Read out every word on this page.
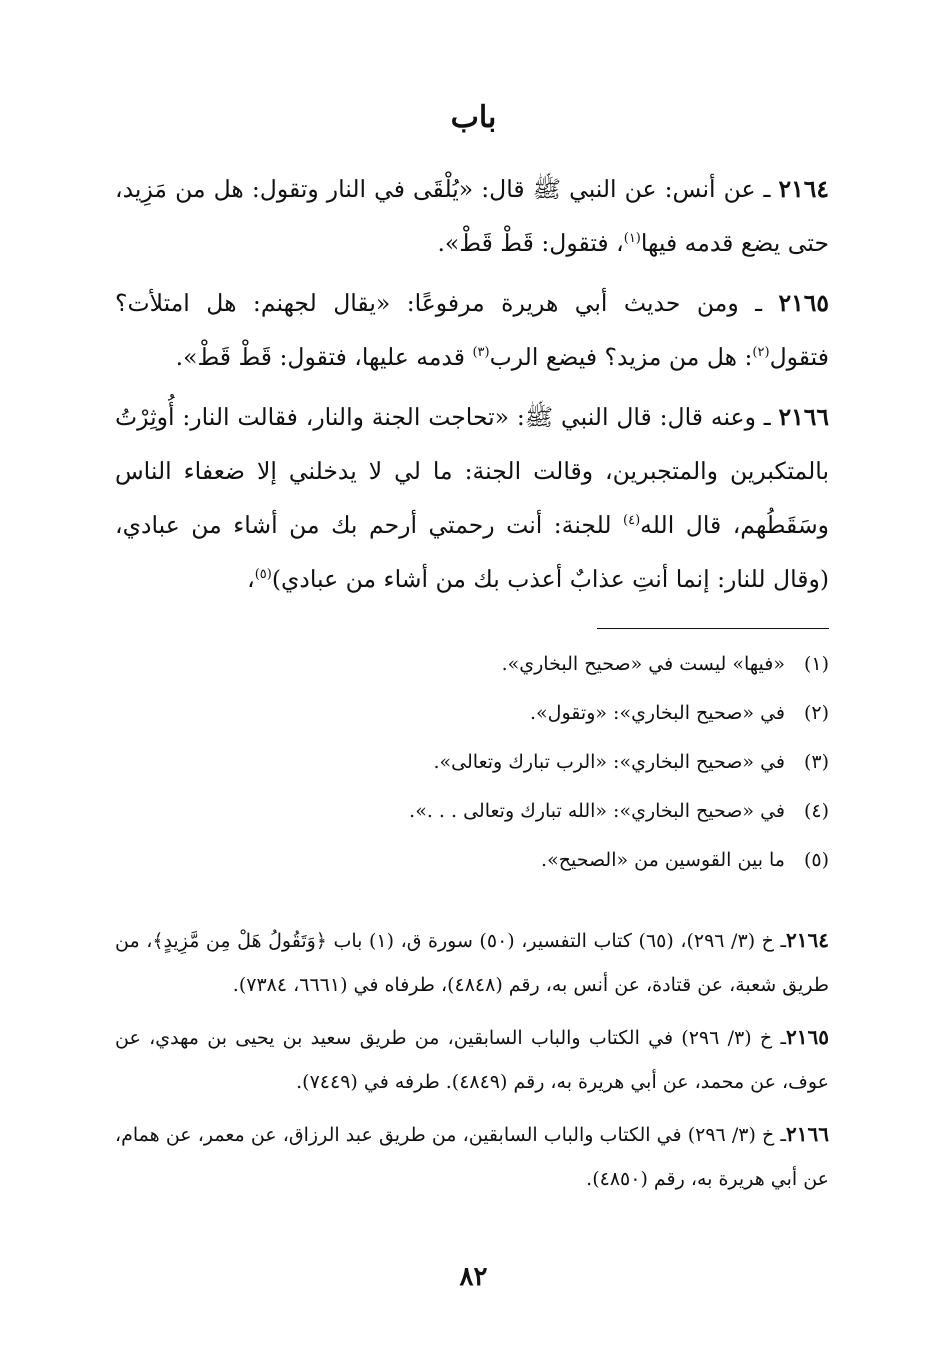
باب

٢١٦٤ ـ عن أنس: عن النبي ﷺ قال: «يُلْقَى في النار وتقول: هل من مَزِيد، حتى يضع قدمه فيها$^{(١)}$، فتقول: قَطْ قَطْ».

٢١٦٥ ـ ومن حديث أبي هريرة مرفوعًا: «يقال لجهنم: هل امتلأت؟ فتقول$^{(٢)}$: هل من مزيد؟ فيضع الرب$^{(٣)}$ قدمه عليها، فتقول: قَطْ قَطْ».

٢١٦٦ ـ وعنه قال: قال النبي ﷺ: «تحاجت الجنة والنار، فقالت النار: أُوثِرْتُ بالمتكبرين والمتجبرين، وقالت الجنة: ما لي لا يدخلني إلا ضعفاء الناس وسَقَطُهم، قال الله$^{(٤)}$ للجنة: أنت رحمتي أرحم بك من أشاء من عبادي، (وقال للنار: إنما أنتِ عذابٌ أعذب بك من أشاء من عبادي)$^{(٥)}$،

(١)«فيها» ليست في «صحيح البخاري».
(٢)في «صحيح البخاري»: «وتقول».
(٣)في «صحيح البخاري»: «الرب تبارك وتعالى».
(٤)في «صحيح البخاري»: «الله تبارك وتعالى . . .».
(٥)ما بين القوسين من «الصحيح».

٢١٦٤ـ خ (٣/ ٢٩٦)، (٦٥) كتاب التفسير، (٥٠) سورة ق، (١) باب ﴿وَتَقُولُ هَلْ مِن مَّزِيدٍ﴾، من طريق شعبة، عن قتادة، عن أنس به، رقم (٤٨٤٨)، طرفاه في (٦٦٦١، ٧٣٨٤).

٢١٦٥ـ خ (٣/ ٢٩٦) في الكتاب والباب السابقين، من طريق سعيد بن يحيى بن مهدي، عن عوف، عن محمد، عن أبي هريرة به، رقم (٤٨٤٩). طرفه في (٧٤٤٩).

٢١٦٦ـ خ (٣/ ٢٩٦) في الكتاب والباب السابقين، من طريق عبد الرزاق، عن معمر، عن همام، عن أبي هريرة به، رقم (٤٨٥٠).

٨٢
